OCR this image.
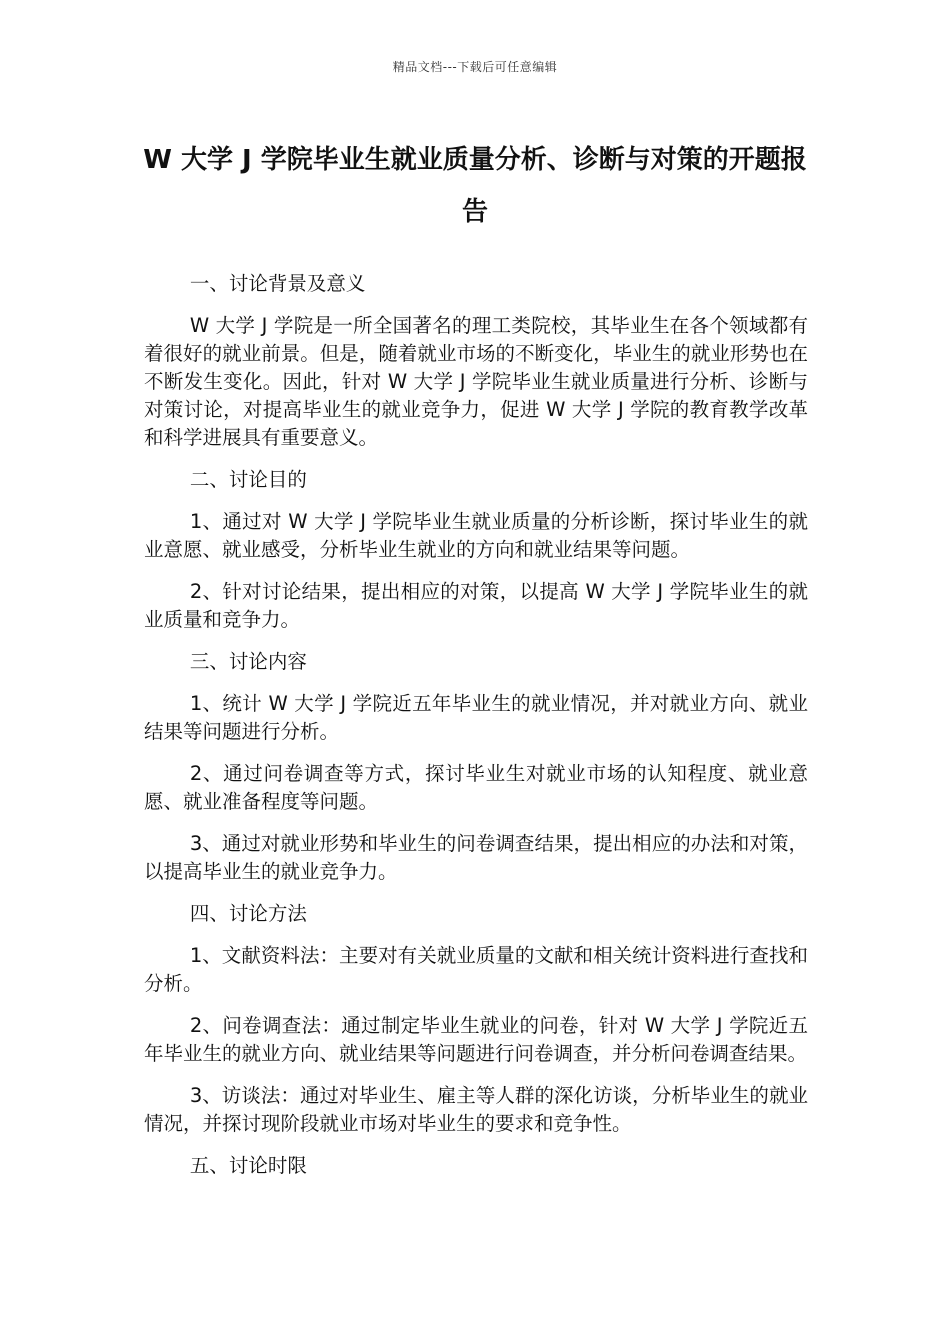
精品文档---下载后可任意编辑
W 大学 J 学院毕业生就业质量分析、诊断与对策的开题报告

一、讨论背景及意义

W 大学 J 学院是一所全国著名的理工类院校，其毕业生在各个领域都有着很好的就业前景。但是，随着就业市场的不断变化，毕业生的就业形势也在不断发生变化。因此，针对 W 大学 J 学院毕业生就业质量进行分析、诊断与对策讨论，对提高毕业生的就业竞争力，促进 W 大学 J 学院的教育教学改革和科学进展具有重要意义。

二、讨论目的

1、通过对 W 大学 J 学院毕业生就业质量的分析诊断，探讨毕业生的就业意愿、就业感受，分析毕业生就业的方向和就业结果等问题。

2、针对讨论结果，提出相应的对策，以提高 W 大学 J 学院毕业生的就业质量和竞争力。

三、讨论内容

1、统计 W 大学 J 学院近五年毕业生的就业情况，并对就业方向、就业结果等问题进行分析。

2、通过问卷调查等方式，探讨毕业生对就业市场的认知程度、就业意愿、就业准备程度等问题。

3、通过对就业形势和毕业生的问卷调查结果，提出相应的办法和对策，以提高毕业生的就业竞争力。

四、讨论方法

1、文献资料法：主要对有关就业质量的文献和相关统计资料进行查找和分析。

2、问卷调查法：通过制定毕业生就业的问卷，针对 W 大学 J 学院近五年毕业生的就业方向、就业结果等问题进行问卷调查，并分析问卷调查结果。

3、访谈法：通过对毕业生、雇主等人群的深化访谈，分析毕业生的就业情况，并探讨现阶段就业市场对毕业生的要求和竞争性。

五、讨论时限
